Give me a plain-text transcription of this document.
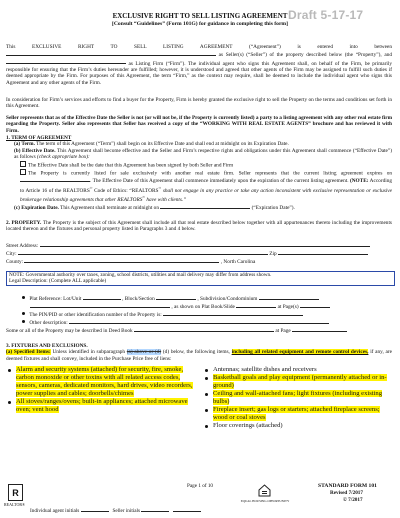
EXCLUSIVE RIGHT TO SELL LISTING AGREEMENT Draft 5-17-17
[Consult “Guidelines” (Form 101G) for guidance in completing this form]
This EXCLUSIVE RIGHT TO SELL LISTING AGREEMENT (“Agreement”) is entered into between  as Seller(s) (“Seller”) of the property described below (the “Property”), and  as Listing Firm (“Firm”). The individual agent who signs this Agreement shall, on behalf of the Firm, be primarily responsible for ensuring that the Firm’s duties hereunder are fulfilled; however, it is understood and agreed that other agents of the Firm may be assigned to fulfill such duties if deemed appropriate by the Firm. For purposes of this Agreement, the term “Firm,” as the context may require, shall be deemed to include the individual agent who signs this Agreement and any other agents of the Firm.
In consideration for Firm’s services and efforts to find a buyer for the Property, Firm is hereby granted the exclusive right to sell the Property on the terms and conditions set forth in this Agreement.
Seller represents that as of the Effective Date the Seller is not (or will not be, if the Property is currently listed) a party to a listing agreement with any other real estate firm regarding the Property. Seller also represents that Seller has received a copy of the “WORKING WITH REAL ESTATE AGENTS” brochure and has reviewed it with Firm.
1. TERM OF AGREEMENT
(a) Term. The term of this Agreement (“Term”) shall begin on its Effective Date and shall end at midnight on its Expiration Date.
(b) Effective Date. This Agreement shall become effective and the Seller and Firm’s respective rights and obligations under this Agreement shall commence (“Effective Date”) as follows (check appropriate box):
The Effective Date shall be the date that this Agreement has been signed by both Seller and Firm
The Property is currently listed for sale exclusively with another real estate firm. Seller represents that the current listing agreement expires on . The Effective Date of this Agreement shall commence immediately upon the expiration of the current listing agreement. (NOTE: According to Article 16 of the REALTORS® Code of Ethics: “REALTORS® shall not engage in any practice or take any action inconsistent with exclusive representation or exclusive brokerage relationship agreements that other REALTORS® have with clients.”
(c) Expiration Date. This Agreement shall terminate at midnight on	(“Expiration Date”).
2. PROPERTY. The Property is the subject of this Agreement shall include all that real estate described below together with all appurtenances thereto including the improvements located thereon and the fixtures and personal property listed in Paragraphs 3 and 4 below.
Street Address:
City:	Zip
County:	, North Carolina
NOTE: Governmental authority over taxes, zoning, school districts, utilities and mail delivery may differ from address shown.
Legal Description: (Complete ALL applicable)
Plat Reference: Lot/Unit	, Block/Section	, Subdivision/Condominium
, as shown on Plat Book/Slide	at Page(s)
The PIN/PID or other identification number of the Property is:
Other description:
Some or all of the Property may be described in Deed Book	at Page
3. FIXTURES AND EXCLUSIONS.
(a) Specified Items: Unless identified in subparagraph (a) above or (d) (d) below, the following items, including all related equipment and remote control devices, if any, are deemed fixtures and shall convey, included in the Purchase Price free of liens:
Alarm and security systems (attached) for security, fire, smoke, carbon monoxide or other toxins with all related access codes, sensors, cameras, dedicated monitors, hard drives, video recorders, power supplies and cables; doorbells/chimes
All stoves/ranges/ovens; built-in appliances; attached microwave oven; vent hood
Antennas; satellite dishes and receivers
Basketball goals and play equipment (permanently attached or in-ground)
Ceiling and wall-attached fans; light fixtures (including existing bulbs)
Fireplace insert; gas logs or starters; attached fireplace screens; wood or coal stoves
Floor coverings (attached)
Page 1 of 10	STANDARD FORM 101
Revised 7/2017
© 7/2017
R
REALTOR®
EQUAL HOUSING OPPORTUNITY
Individual agent initials	Seller initials
